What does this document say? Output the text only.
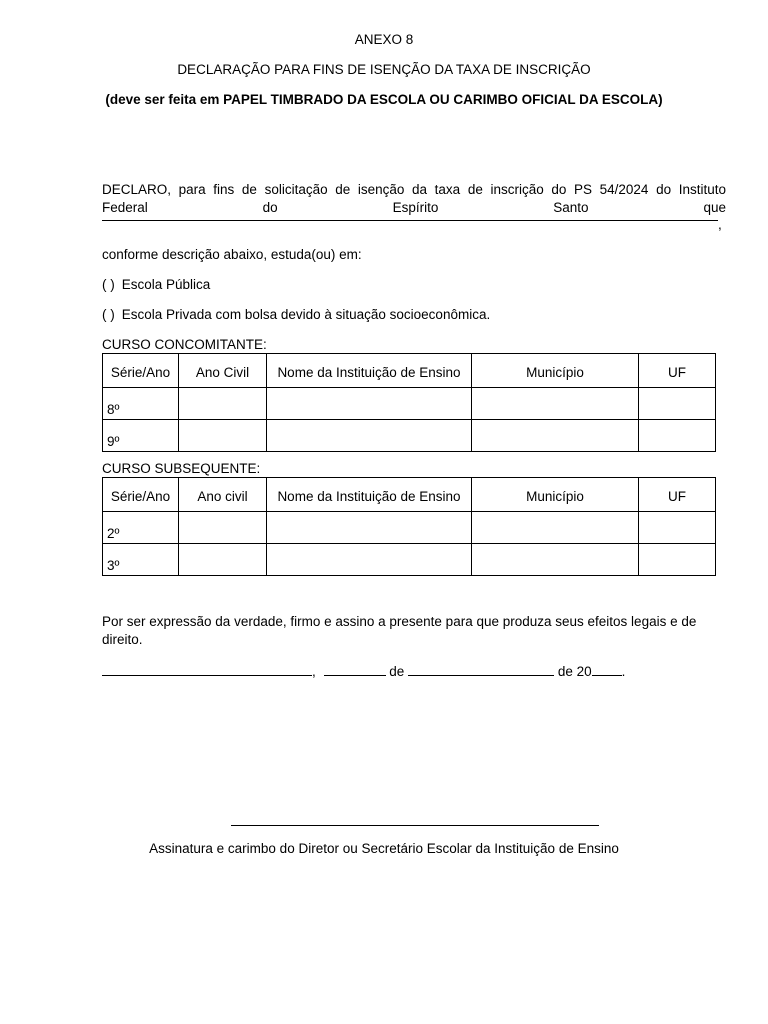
ANEXO 8
DECLARAÇÃO PARA FINS DE ISENÇÃO DA TAXA DE INSCRIÇÃO
(deve ser feita em PAPEL TIMBRADO DA ESCOLA OU CARIMBO OFICIAL DA ESCOLA)
DECLARO, para fins de solicitação de isenção da taxa de inscrição do PS 54/2024 do Instituto
Federal	do	Espírito	Santo	que
,
conforme descrição abaixo, estuda(ou) em:
( ) Escola Pública
( ) Escola Privada com bolsa devido à situação socioeconômica.
CURSO CONCOMITANTE:
Série/Ano	Ano Civil	Nome da Instituição de Ensino	Município	UF
8º				
9º				
CURSO SUBSEQUENTE:
Série/Ano	Ano civil	Nome da Instituição de Ensino	Município	UF
2º				
3º				
Por ser expressão da verdade, firmo e assino a presente para que produza seus efeitos legais e de direito.
,	de	de 20 .
Assinatura e carimbo do Diretor ou Secretário Escolar da Instituição de Ensino
